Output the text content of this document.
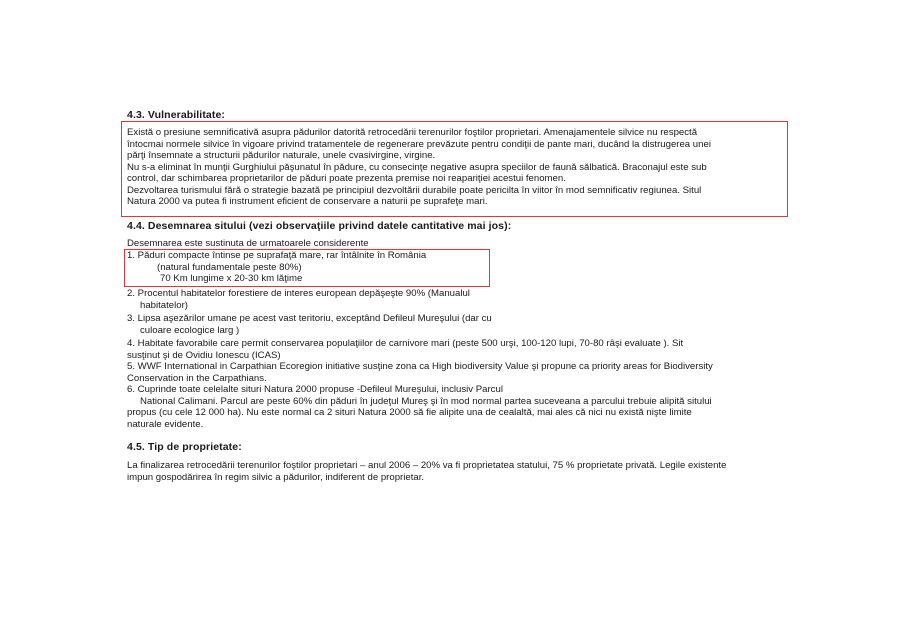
4.3. Vulnerabilitate:
Există o presiune semnificativă asupra pădurilor datorită retrocedării terenurilor foştilor proprietari. Amenajamentele silvice nu respectă
întocmai normele silvice în vigoare privind tratamentele de regenerare prevăzute pentru condiţii de pante mari, ducând la distrugerea unei
părţi însemnate a structurii pădurilor naturale, unele cvasivirgine, virgine.
Nu s-a eliminat în munţii Gurghiului păşunatul în pădure, cu consecinţe negative asupra speciilor de faună sălbatică. Braconajul este sub
control, dar schimbarea proprietarilor de păduri poate prezenta premise noi reapariţiei acestui fenomen.
Dezvoltarea turismului fără o strategie bazată pe principiul dezvoltării durabile poate pericilta în viitor în mod semnificativ regiunea. Situl
Natura 2000 va putea fi instrument eficient de conservare a naturii pe suprafeţe mari.
4.4. Desemnarea sitului (vezi observaţiile privind datele cantitative mai jos):
Desemnarea este sustinuta de urmatoarele considerente
1. Păduri compacte întinse pe suprafaţă mare, rar întâlnite în România
(natural fundamentale peste 80%)
70 Km lungime x 20-30 km lăţime
2. Procentul habitatelor forestiere de interes european depăşeşte 90% (Manualul
habitatelor)
3. Lipsa aşezărilor umane pe acest vast teritoriu, exceptând Defileul Mureşului (dar cu
culoare ecologice larg )
4. Habitate favorabile care permit conservarea populaţiilor de carnivore mari (peste 500 urşi, 100-120 lupi, 70-80 râşi evaluate ). Sit
susţinut şi de Ovidiu Ionescu (ICAS)
5. WWF International in Carpathian Ecoregion initiative susţine zona ca High biodiversity Value şi propune ca priority areas for Biodiversity
Conservation in the Carpathians.
6. Cuprinde toate celelalte situri Natura 2000 propuse -Defileul Mureşului, inclusiv Parcul
National Calimani. Parcul are peste 60% din păduri în judeţul Mureş şi în mod normal partea suceveana a parcului trebuie alipită sitului
propus (cu cele 12 000 ha). Nu este normal ca 2 situri Natura 2000 să fie alipite una de cealaltă, mai ales că nici nu există nişte limite
naturale evidente.
4.5. Tip de proprietate:
La finalizarea retrocedării terenurilor foştilor proprietari – anul 2006 – 20% va fi proprietatea statului, 75 % proprietate privată. Legile existente
impun gospodărirea în regim silvic a pădurilor, indiferent de proprietar.
